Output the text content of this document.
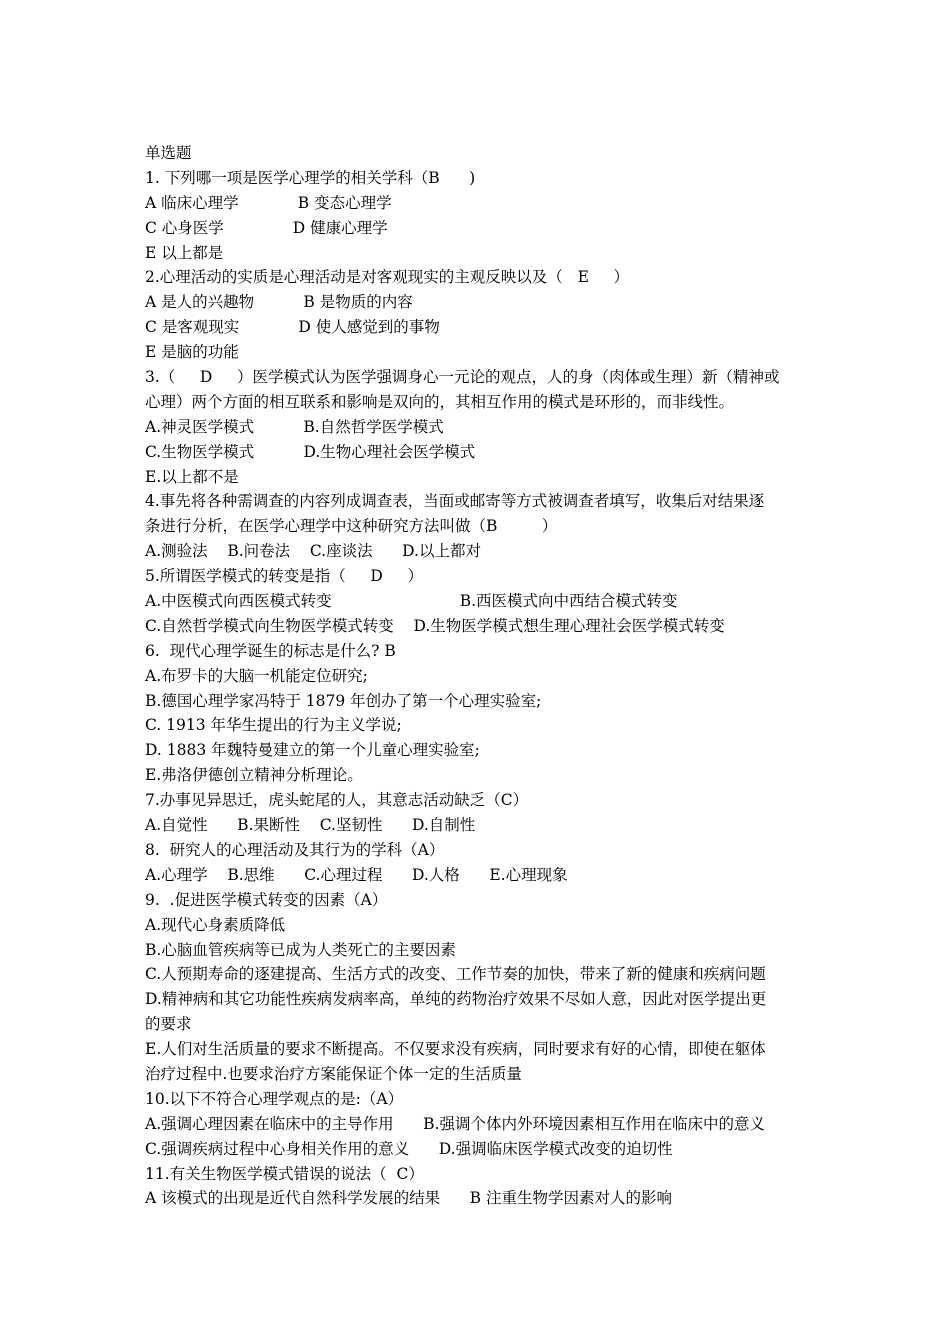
单选题
1. 下列哪一项是医学心理学的相关学科（B      )
A 临床心理学            B 变态心理学
C 心身医学              D 健康心理学
E 以上都是
2.心理活动的实质是心理活动是对客观现实的主观反映以及（   E     ）
A 是人的兴趣物          B 是物质的内容
C 是客观现实            D 使人感觉到的事物
E 是脑的功能
3.（     D     ）医学模式认为医学强调身心一元论的观点，人的身（肉体或生理）新（精神或
心理）两个方面的相互联系和影响是双向的，其相互作用的模式是环形的，而非线性。
A.神灵医学模式          B.自然哲学医学模式
C.生物医学模式          D.生物心理社会医学模式
E.以上都不是
4.事先将各种需调查的内容列成调查表，当面或邮寄等方式被调查者填写，收集后对结果逐
条进行分析，在医学心理学中这种研究方法叫做（B         ）
A.测验法    B.问卷法    C.座谈法      D.以上都对
5.所谓医学模式的转变是指（     D     ）
A.中医模式向西医模式转变                          B.西医模式向中西结合模式转变
C.自然哲学模式向生物医学模式转变    D.生物医学模式想生理心理社会医学模式转变
6.  现代心理学诞生的标志是什么? B
A.布罗卡的大脑一机能定位研究;
B.德国心理学家冯特于 1879 年创办了第一个心理实验室;
C. 1913 年华生提出的行为主义学说;
D. 1883 年魏特曼建立的第一个儿童心理实验室;
E.弗洛伊德创立精神分析理论。
7.办事见异思迁，虎头蛇尾的人，其意志活动缺乏（C）
A.自觉性      B.果断性    C.坚韧性      D.自制性
8.  研究人的心理活动及其行为的学科（A）
A.心理学    B.思维      C.心理过程      D.人格      E.心理现象
9.  .促进医学模式转变的因素（A）
A.现代心身素质降低
B.心脑血管疾病等已成为人类死亡的主要因素
C.人预期寿命的逐建提高、生活方式的改变、工作节奏的加快，带来了新的健康和疾病问题
D.精神病和其它功能性疾病发病率高，单纯的药物治疗效果不尽如人意，因此对医学提出更
的要求
E.人们对生活质量的要求不断提高。不仅要求没有疾病，同时要求有好的心情，即使在躯体
治疗过程中.也要求治疗方案能保证个体一定的生活质量
10.以下不符合心理学观点的是:（A）
A.强调心理因素在临床中的主导作用      B.强调个体内外环境因素相互作用在临床中的意义
C.强调疾病过程中心身相关作用的意义      D.强调临床医学模式改变的迫切性
11.有关生物医学模式错误的说法（  C）
A 该模式的出现是近代自然科学发展的结果      B 注重生物学因素对人的影响
